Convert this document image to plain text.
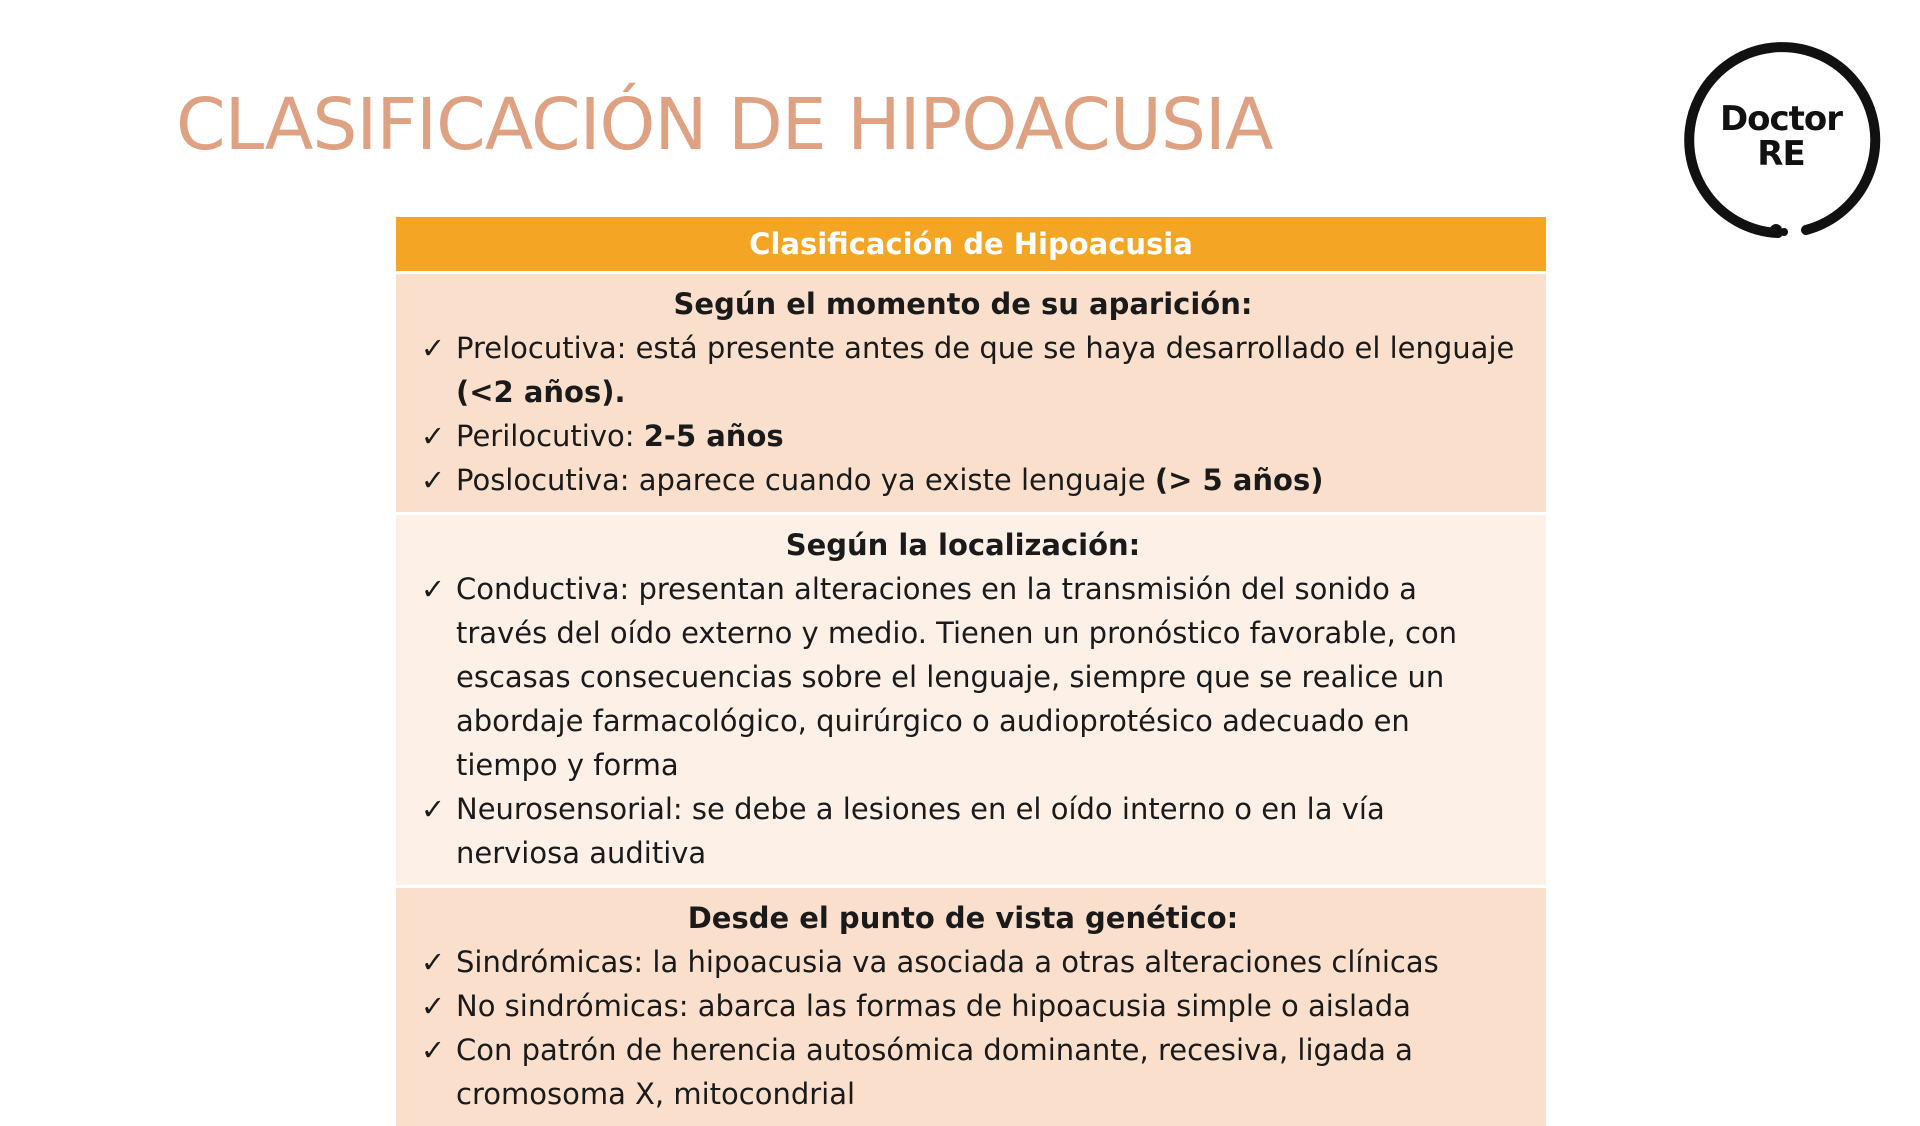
CLASIFICACIÓN DE HIPOACUSIA	Doctor
RE
Clasificación de Hipoacusia
Según el momento de su aparición:
✓ Prelocutiva: está presente antes de que se haya desarrollado el lenguaje (<2 años).
✓ Perilocutivo: 2-5 años
✓ Poslocutiva: aparece cuando ya existe lenguaje (> 5 años)
Según la localización:
✓ Conductiva: presentan alteraciones en la transmisión del sonido a través del oído externo y medio. Tienen un pronóstico favorable, con escasas consecuencias sobre el lenguaje, siempre que se realice un abordaje farmacológico, quirúrgico o audioprotésico adecuado en tiempo y forma
✓ Neurosensorial: se debe a lesiones en el oído interno o en la vía nerviosa auditiva
Desde el punto de vista genético:
✓ Sindrómicas: la hipoacusia va asociada a otras alteraciones clínicas
✓ No sindrómicas: abarca las formas de hipoacusia simple o aislada
✓ Con patrón de herencia autosómica dominante, recesiva, ligada a cromosoma X, mitocondrial
